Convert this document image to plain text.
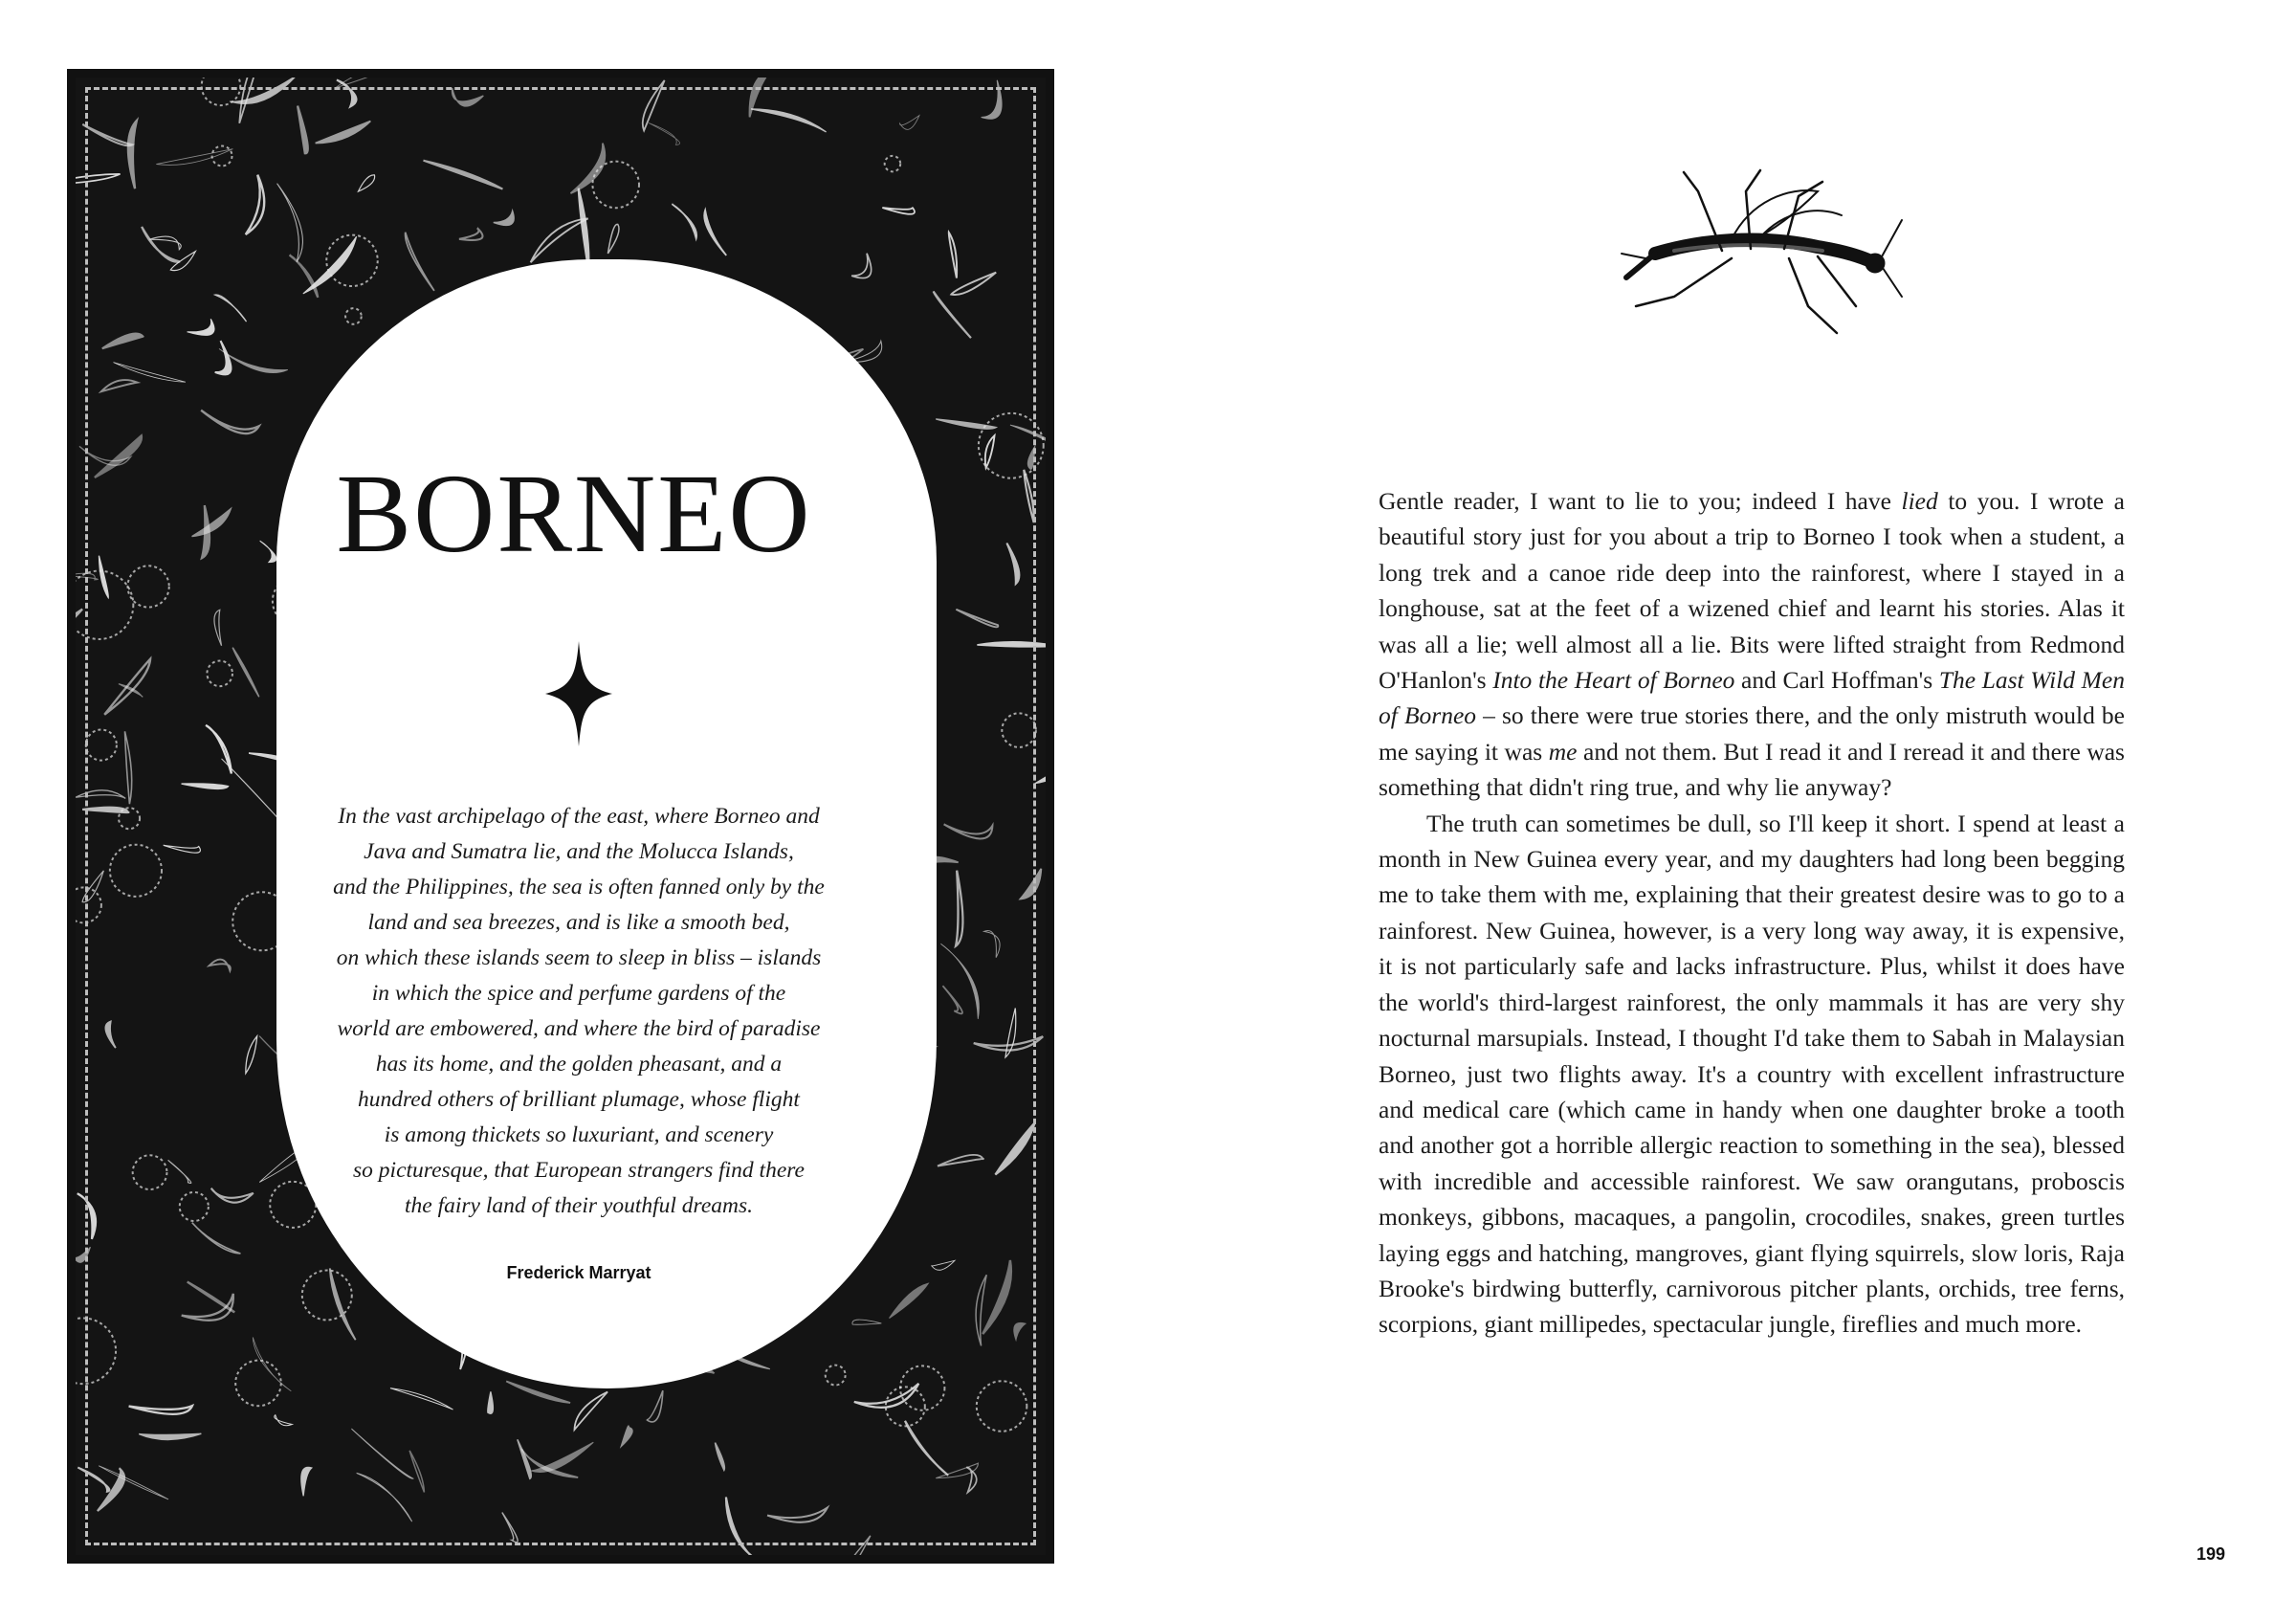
BORNEO
In the vast archipelago of the east, where Borneo and
Java and Sumatra lie, and the Molucca Islands,
and the Philippines, the sea is often fanned only by the
land and sea breezes, and is like a smooth bed,
on which these islands seem to sleep in bliss – islands
in which the spice and perfume gardens of the
world are embowered, and where the bird of paradise
has its home, and the golden pheasant, and a
hundred others of brilliant plumage, whose flight
is among thickets so luxuriant, and scenery
so picturesque, that European strangers find there
the fairy land of their youthful dreams.
Frederick Marryat

Gentle reader, I want to lie to you; indeed I have lied to you. I wrote a beautiful story just for you about a trip to Borneo I took when a student, a long trek and a canoe ride deep into the rainforest, where I stayed in a longhouse, sat at the feet of a wizened chief and learnt his stories. Alas it was all a lie; well almost all a lie. Bits were lifted straight from Redmond O'Hanlon's Into the Heart of Borneo and Carl Hoffman's The Last Wild Men of Borneo – so there were true stories there, and the only mistruth would be me saying it was me and not them. But I read it and I reread it and there was something that didn't ring true, and why lie anyway?

The truth can sometimes be dull, so I'll keep it short. I spend at least a month in New Guinea every year, and my daughters had long been begging me to take them with me, explaining that their greatest desire was to go to a rainforest. New Guinea, however, is a very long way away, it is expensive, it is not particularly safe and lacks infrastructure. Plus, whilst it does have the world's third-largest rainforest, the only mammals it has are very shy nocturnal marsupials. Instead, I thought I'd take them to Sabah in Malaysian Borneo, just two flights away. It's a country with excellent infrastructure and medical care (which came in handy when one daughter broke a tooth and another got a horrible allergic reaction to something in the sea), blessed with incredible and accessible rainforest. We saw orangutans, proboscis monkeys, gibbons, macaques, a pangolin, crocodiles, snakes, green turtles laying eggs and hatching, mangroves, giant flying squirrels, slow loris, Raja Brooke's birdwing butterfly, carnivorous pitcher plants, orchids, tree ferns, scorpions, giant millipedes, spectacular jungle, fireflies and much more.

199
